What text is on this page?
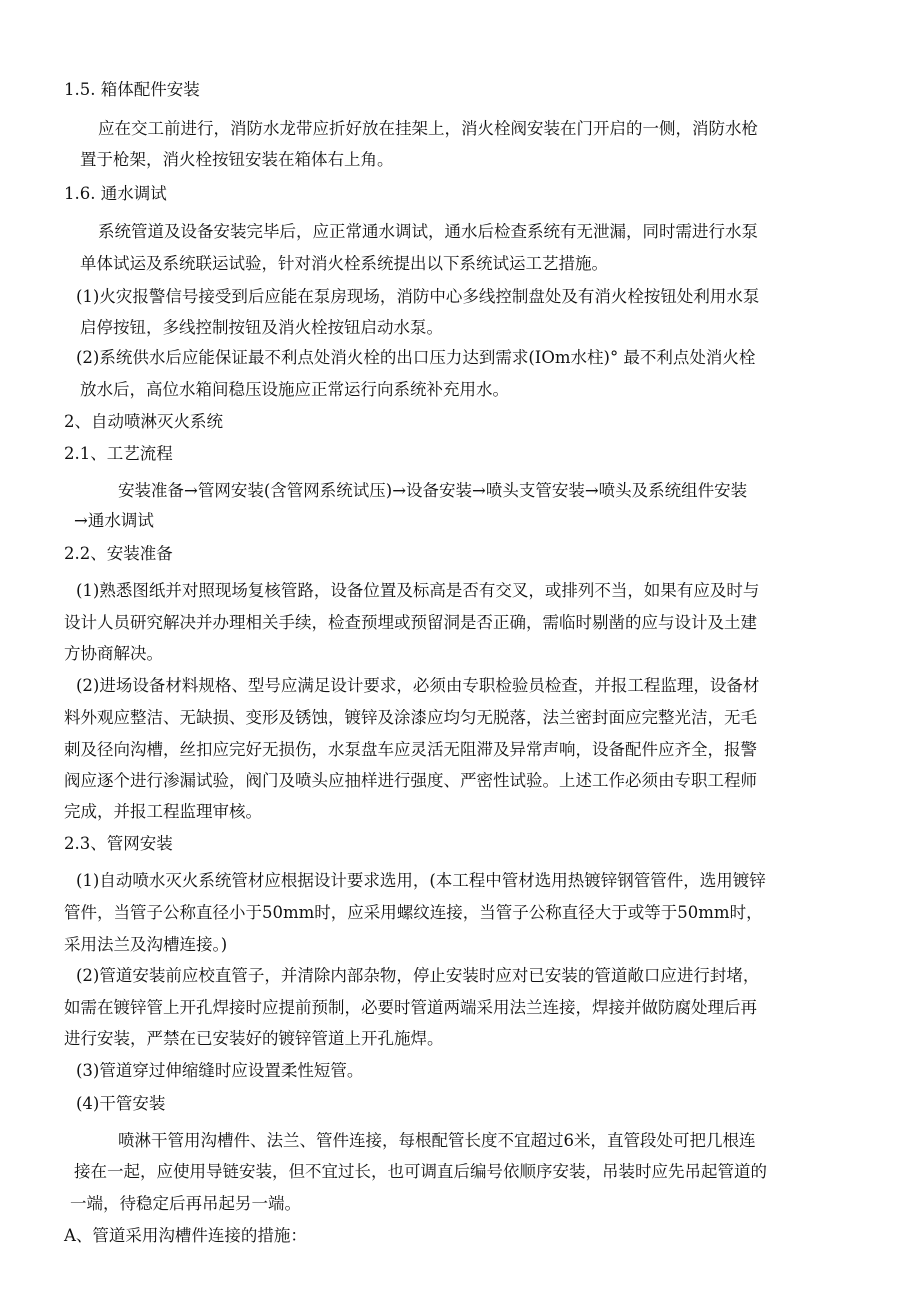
1.5. 箱体配件安装
应在交工前进行，消防水龙带应折好放在挂架上，消火栓阀安装在门开启的一侧，消防水枪
置于枪架，消火栓按钮安装在箱体右上角。
1.6. 通水调试
系统管道及设备安装完毕后，应正常通水调试，通水后检查系统有无泄漏，同时需进行水泵
单体试运及系统联运试验，针对消火栓系统提出以下系统试运工艺措施。
(1)火灾报警信号接受到后应能在泵房现场，消防中心多线控制盘处及有消火栓按钮处利用水泵
启停按钮，多线控制按钮及消火栓按钮启动水泵。
(2)系统供水后应能保证最不利点处消火栓的出口压力达到需求(IOm水柱)° 最不利点处消火栓
放水后，高位水箱间稳压设施应正常运行向系统补充用水。
2、自动喷淋灭火系统
2.1、工艺流程
安装准备→管网安装(含管网系统试压)→设备安装→喷头支管安装→喷头及系统组件安装
→通水调试
2.2、安装准备
(1)熟悉图纸并对照现场复核管路，设备位置及标高是否有交叉，或排列不当，如果有应及时与
设计人员研究解决并办理相关手续，检查预埋或预留洞是否正确，需临时剔凿的应与设计及土建
方协商解决。
(2)进场设备材料规格、型号应满足设计要求，必须由专职检验员检查，并报工程监理，设备材
料外观应整洁、无缺损、变形及锈蚀，镀锌及涂漆应均匀无脱落，法兰密封面应完整光洁，无毛
刺及径向沟槽，丝扣应完好无损伤，水泵盘车应灵活无阻滞及异常声响，设备配件应齐全，报警
阀应逐个进行渗漏试验，阀门及喷头应抽样进行强度、严密性试验。上述工作必须由专职工程师
完成，并报工程监理审核。
2.3、管网安装
(1)自动喷水灭火系统管材应根据设计要求选用，(本工程中管材选用热镀锌钢管管件，选用镀锌
管件，当管子公称直径小于50mm时，应采用螺纹连接，当管子公称直径大于或等于50mm时，
采用法兰及沟槽连接。)
(2)管道安装前应校直管子，并清除内部杂物，停止安装时应对已安装的管道敞口应进行封堵，
如需在镀锌管上开孔焊接时应提前预制，必要时管道两端采用法兰连接，焊接并做防腐处理后再
进行安装，严禁在已安装好的镀锌管道上开孔施焊。
(3)管道穿过伸缩缝时应设置柔性短管。
(4)干管安装
喷淋干管用沟槽件、法兰、管件连接，每根配管长度不宜超过6米，直管段处可把几根连
接在一起，应使用导链安装，但不宜过长，也可调直后编号依顺序安装，吊装时应先吊起管道的
一端，待稳定后再吊起另一端。
A、管道采用沟槽件连接的措施：
